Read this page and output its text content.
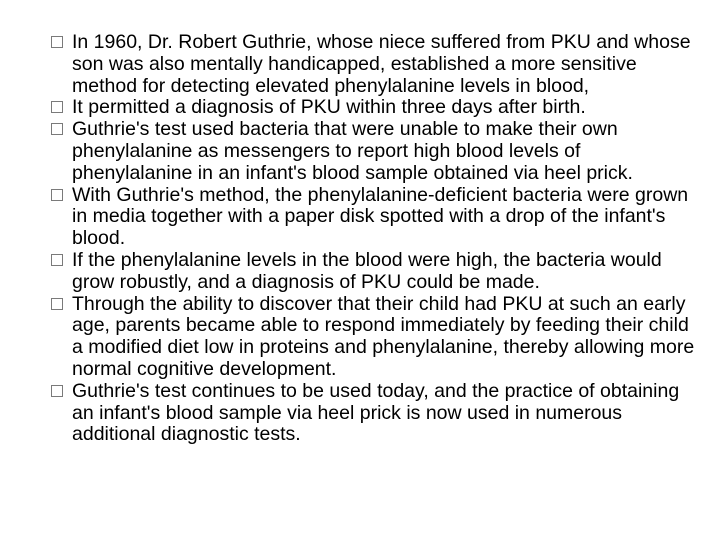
In 1960, Dr. Robert Guthrie, whose niece suffered from PKU and whose son was also mentally handicapped, established a more sensitive method for detecting elevated phenylalanine levels in blood,
It permitted a diagnosis of PKU within three days after birth.
Guthrie's test used bacteria that were unable to make their own phenylalanine as messengers to report high blood levels of phenylalanine in an infant's blood sample obtained via heel prick.
With Guthrie's method, the phenylalanine-deficient bacteria were grown in media together with a paper disk spotted with a drop of the infant's blood.
If the phenylalanine levels in the blood were high, the bacteria would grow robustly, and a diagnosis of PKU could be made.
Through the ability to discover that their child had PKU at such an early age, parents became able to respond immediately by feeding their child a modified diet low in proteins and phenylalanine, thereby allowing more normal cognitive development.
Guthrie's test continues to be used today, and the practice of obtaining an infant's blood sample via heel prick is now used in numerous additional diagnostic tests.
